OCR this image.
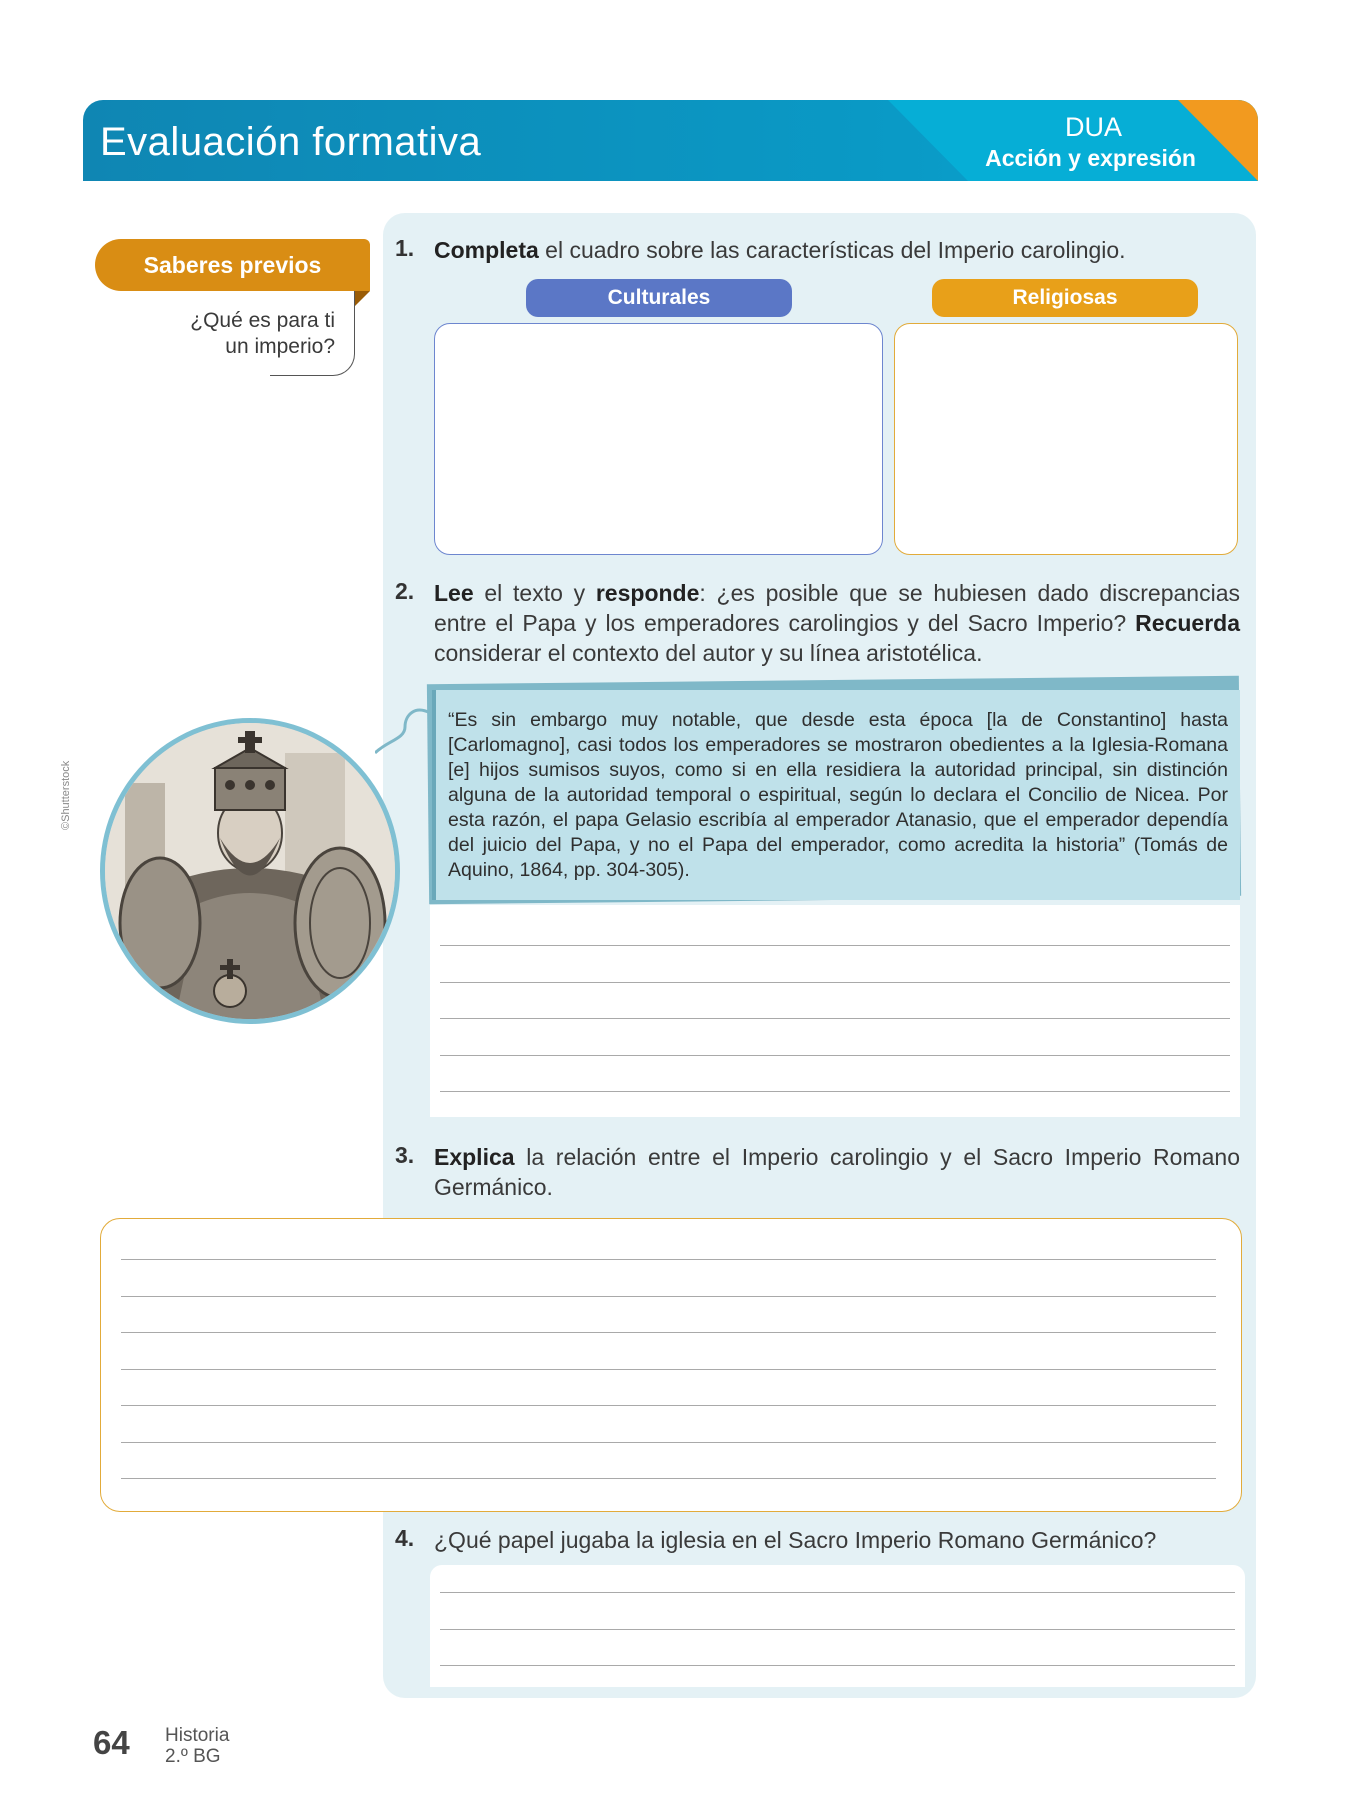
Evaluación formativa	DUA
Acción y expresión
Saberes previos
¿Qué es para ti un imperio?
1. Completa el cuadro sobre las características del Imperio carolingio.
Culturales	Religiosas
2. Lee el texto y responde: ¿es posible que se hubiesen dado discrepancias entre el Papa y los emperadores carolingios y del Sacro Imperio? Recuerda considerar el contexto del autor y su línea aristotélica.
“Es sin embargo muy notable, que desde esta época [la de Constantino] hasta [Carlomagno], casi todos los emperadores se mostraron obedientes a la Iglesia-Romana [e] hijos sumisos suyos, como si en ella residiera la autoridad principal, sin distinción alguna de la autoridad temporal o espiritual, según lo declara el Concilio de Nicea. Por esta razón, el papa Gelasio escribía al emperador Atanasio, que el emperador dependía del juicio del Papa, y no el Papa del emperador, como acredita la historia” (Tomás de Aquino, 1864, pp. 304-305).
©Shutterstock
3. Explica la relación entre el Imperio carolingio y el Sacro Imperio Romano Germánico.
4. ¿Qué papel jugaba la iglesia en el Sacro Imperio Romano Germánico?
64 Historia
2.º BG
